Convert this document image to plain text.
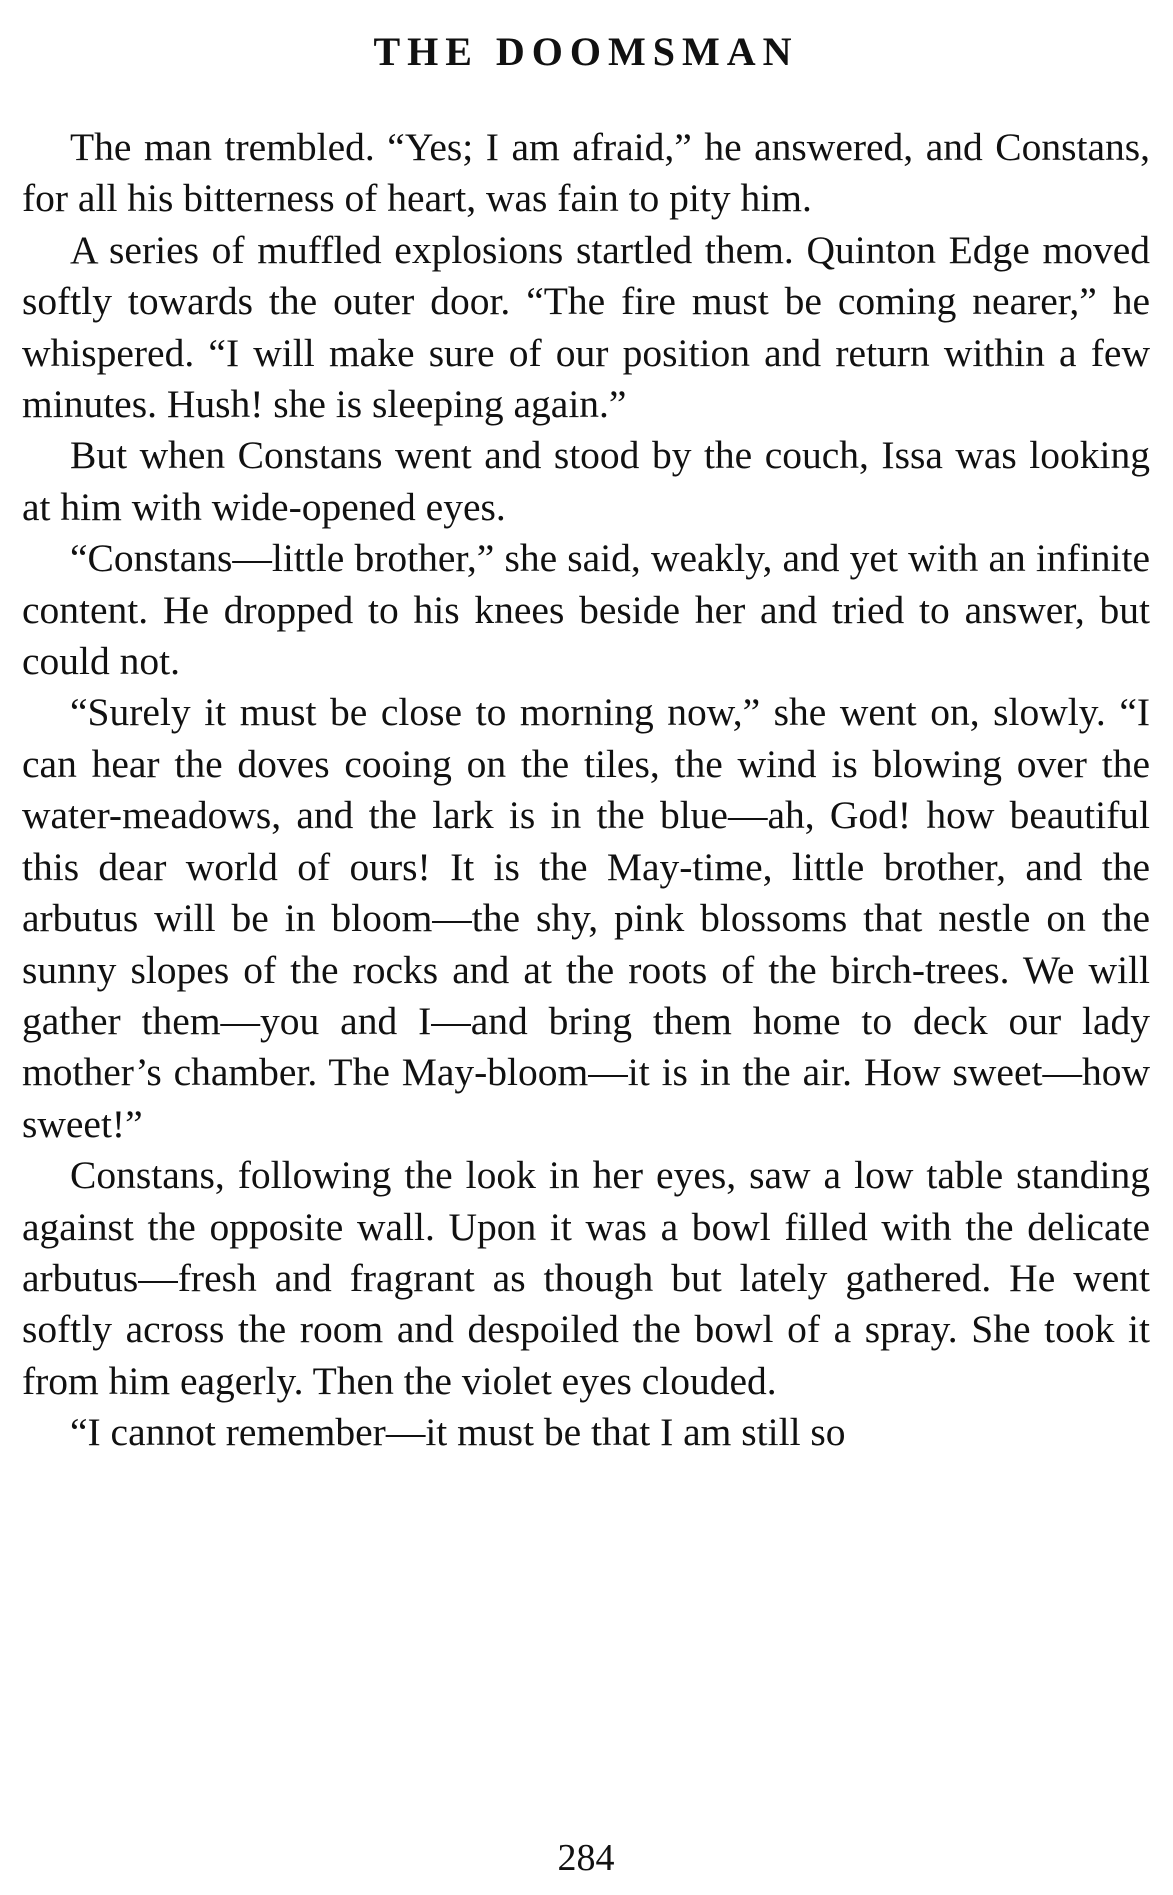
THE DOOMSMAN

The man trembled. “Yes; I am afraid,” he answered, and Constans, for all his bitterness of heart, was fain to pity him.

A series of muffled explosions startled them. Quinton Edge moved softly towards the outer door. “The fire must be coming nearer,” he whispered. “I will make sure of our position and return within a few minutes. Hush! she is sleeping again.”

But when Constans went and stood by the couch, Issa was looking at him with wide-opened eyes.

“Constans—little brother,” she said, weakly, and yet with an infinite content. He dropped to his knees beside her and tried to answer, but could not.

“Surely it must be close to morning now,” she went on, slowly. “I can hear the doves cooing on the tiles, the wind is blowing over the water-meadows, and the lark is in the blue—ah, God! how beautiful this dear world of ours! It is the May-time, little brother, and the arbutus will be in bloom—the shy, pink blossoms that nestle on the sunny slopes of the rocks and at the roots of the birch-trees. We will gather them—you and I—and bring them home to deck our lady mother’s chamber. The May-bloom—it is in the air. How sweet—how sweet!”

Constans, following the look in her eyes, saw a low table standing against the opposite wall. Upon it was a bowl filled with the delicate arbutus—fresh and fragrant as though but lately gathered. He went softly across the room and despoiled the bowl of a spray. She took it from him eagerly. Then the violet eyes clouded.

“I cannot remember—it must be that I am still so

284
